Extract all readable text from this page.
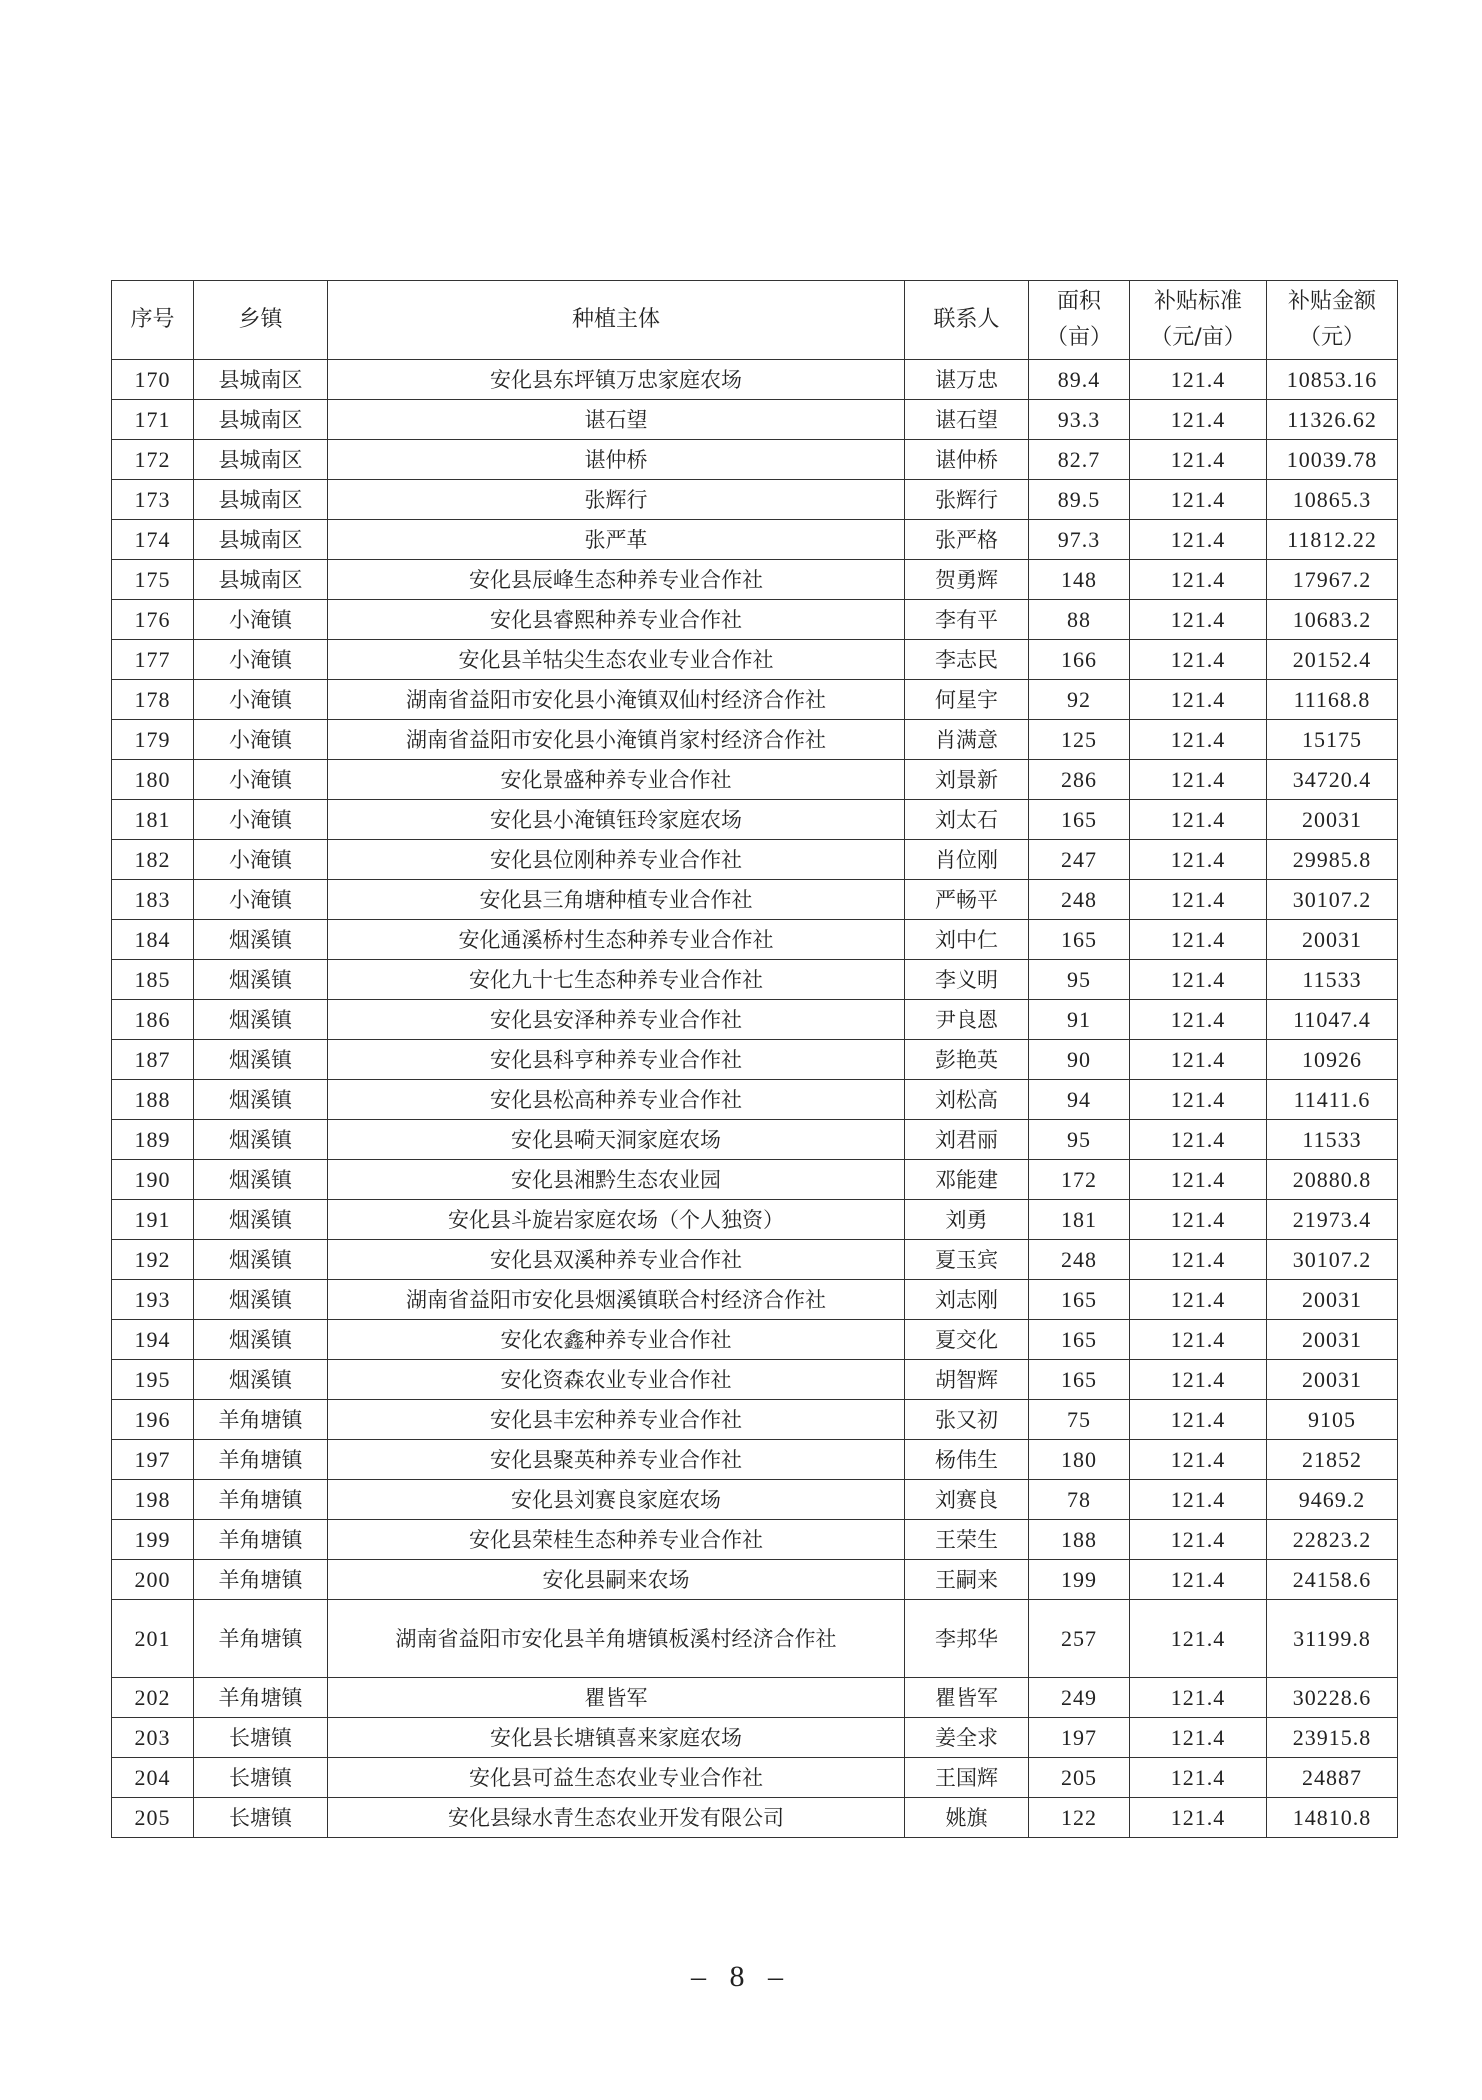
序号	乡镇	种植主体	联系人	面积（亩）	补贴标准（元/亩）	补贴金额（元）
170	县城南区	安化县东坪镇万忠家庭农场	谌万忠	89.4	121.4	10853.16
171	县城南区	谌石望	谌石望	93.3	121.4	11326.62
172	县城南区	谌仲桥	谌仲桥	82.7	121.4	10039.78
173	县城南区	张辉行	张辉行	89.5	121.4	10865.3
174	县城南区	张严革	张严格	97.3	121.4	11812.22
175	县城南区	安化县辰峰生态种养专业合作社	贺勇辉	148	121.4	17967.2
176	小淹镇	安化县睿熙种养专业合作社	李有平	88	121.4	10683.2
177	小淹镇	安化县羊牯尖生态农业专业合作社	李志民	166	121.4	20152.4
178	小淹镇	湖南省益阳市安化县小淹镇双仙村经济合作社	何星宇	92	121.4	11168.8
179	小淹镇	湖南省益阳市安化县小淹镇肖家村经济合作社	肖满意	125	121.4	15175
180	小淹镇	安化景盛种养专业合作社	刘景新	286	121.4	34720.4
181	小淹镇	安化县小淹镇钰玲家庭农场	刘太石	165	121.4	20031
182	小淹镇	安化县位刚种养专业合作社	肖位刚	247	121.4	29985.8
183	小淹镇	安化县三角塘种植专业合作社	严畅平	248	121.4	30107.2
184	烟溪镇	安化通溪桥村生态种养专业合作社	刘中仁	165	121.4	20031
185	烟溪镇	安化九十七生态种养专业合作社	李义明	95	121.4	11533
186	烟溪镇	安化县安泽种养专业合作社	尹良恩	91	121.4	11047.4
187	烟溪镇	安化县科亨种养专业合作社	彭艳英	90	121.4	10926
188	烟溪镇	安化县松高种养专业合作社	刘松高	94	121.4	11411.6
189	烟溪镇	安化县嗬天洞家庭农场	刘君丽	95	121.4	11533
190	烟溪镇	安化县湘黔生态农业园	邓能建	172	121.4	20880.8
191	烟溪镇	安化县斗旋岩家庭农场（个人独资）	刘勇	181	121.4	21973.4
192	烟溪镇	安化县双溪种养专业合作社	夏玉宾	248	121.4	30107.2
193	烟溪镇	湖南省益阳市安化县烟溪镇联合村经济合作社	刘志刚	165	121.4	20031
194	烟溪镇	安化农鑫种养专业合作社	夏交化	165	121.4	20031
195	烟溪镇	安化资森农业专业合作社	胡智辉	165	121.4	20031
196	羊角塘镇	安化县丰宏种养专业合作社	张又初	75	121.4	9105
197	羊角塘镇	安化县聚英种养专业合作社	杨伟生	180	121.4	21852
198	羊角塘镇	安化县刘赛良家庭农场	刘赛良	78	121.4	9469.2
199	羊角塘镇	安化县荣桂生态种养专业合作社	王荣生	188	121.4	22823.2
200	羊角塘镇	安化县嗣来农场	王嗣来	199	121.4	24158.6
201	羊角塘镇	湖南省益阳市安化县羊角塘镇板溪村经济合作社	李邦华	257	121.4	31199.8
202	羊角塘镇	瞿皆军	瞿皆军	249	121.4	30228.6
203	长塘镇	安化县长塘镇喜来家庭农场	姜全求	197	121.4	23915.8
204	长塘镇	安化县可益生态农业专业合作社	王国辉	205	121.4	24887
205	长塘镇	安化县绿水青生态农业开发有限公司	姚旗	122	121.4	14810.8
– 8 –
